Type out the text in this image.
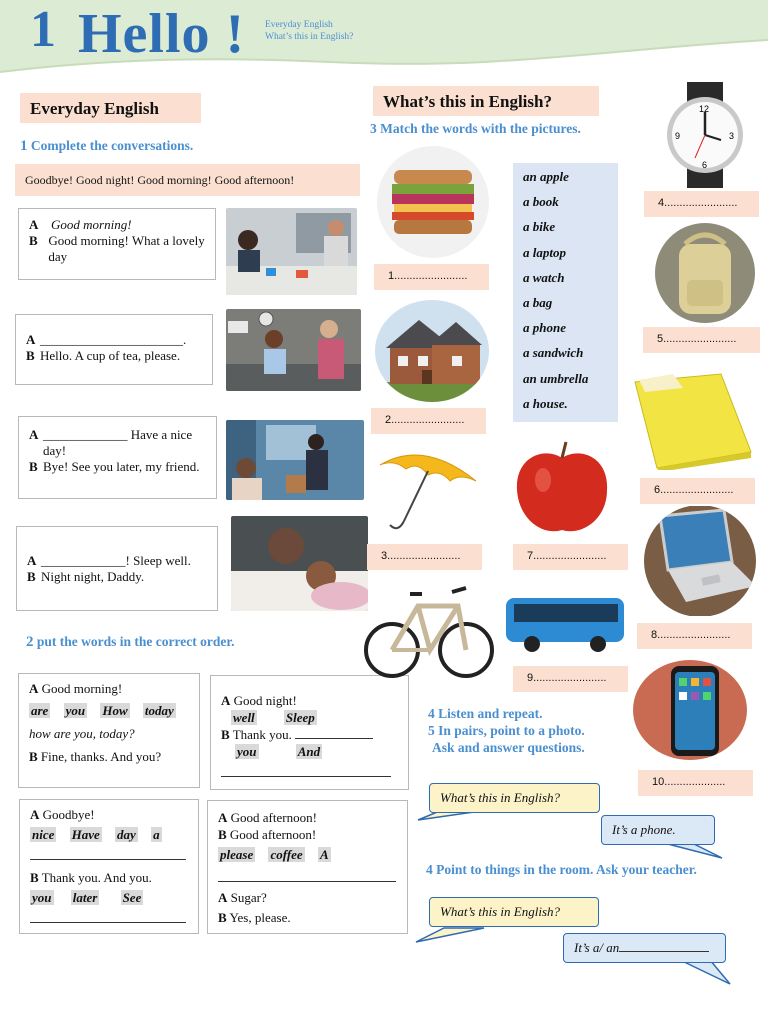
1 Hello ! Everyday English
What’s this in English?
Everyday English
1 Complete the conversations.
Goodbye! Good night! Good morning! Good afternoon!
A Good morning!
B Good morning! What a lovely day
A ______________________.
B Hello. A cup of tea, please.
A _____________ Have a nice day!
B Bye! See you later, my friend.
A _____________! Sleep well.
B Night night, Daddy.
2 put the words in the correct order.
A Good morning!
are you How today
how are you, today?
B Fine, thanks. And you?
A Good night!
well Sleep
B Thank you.
you	And
A Goodbye!
nice Have day a
B Thank you. And you.
you later See
A Good afternoon!
B Good afternoon!
please coffee A
A Sugar?
B Yes, please.
What’s this in English?
3 Match the words with the pictures.
an apple
a book
a bike
a laptop
a watch
a bag
a phone
a sandwich
an umbrella
a house.
1........................
2........................
3........................
12
6
9	3
4........................
5........................
6........................
7........................
8........................
9........................
10....................
4 Listen and repeat.
5 In pairs, point to a photo.
Ask and answer questions.
What’s this in English?
It’s a phone.
4 Point to things in the room. Ask your teacher.
What’s this in English?
It’s a/ an
